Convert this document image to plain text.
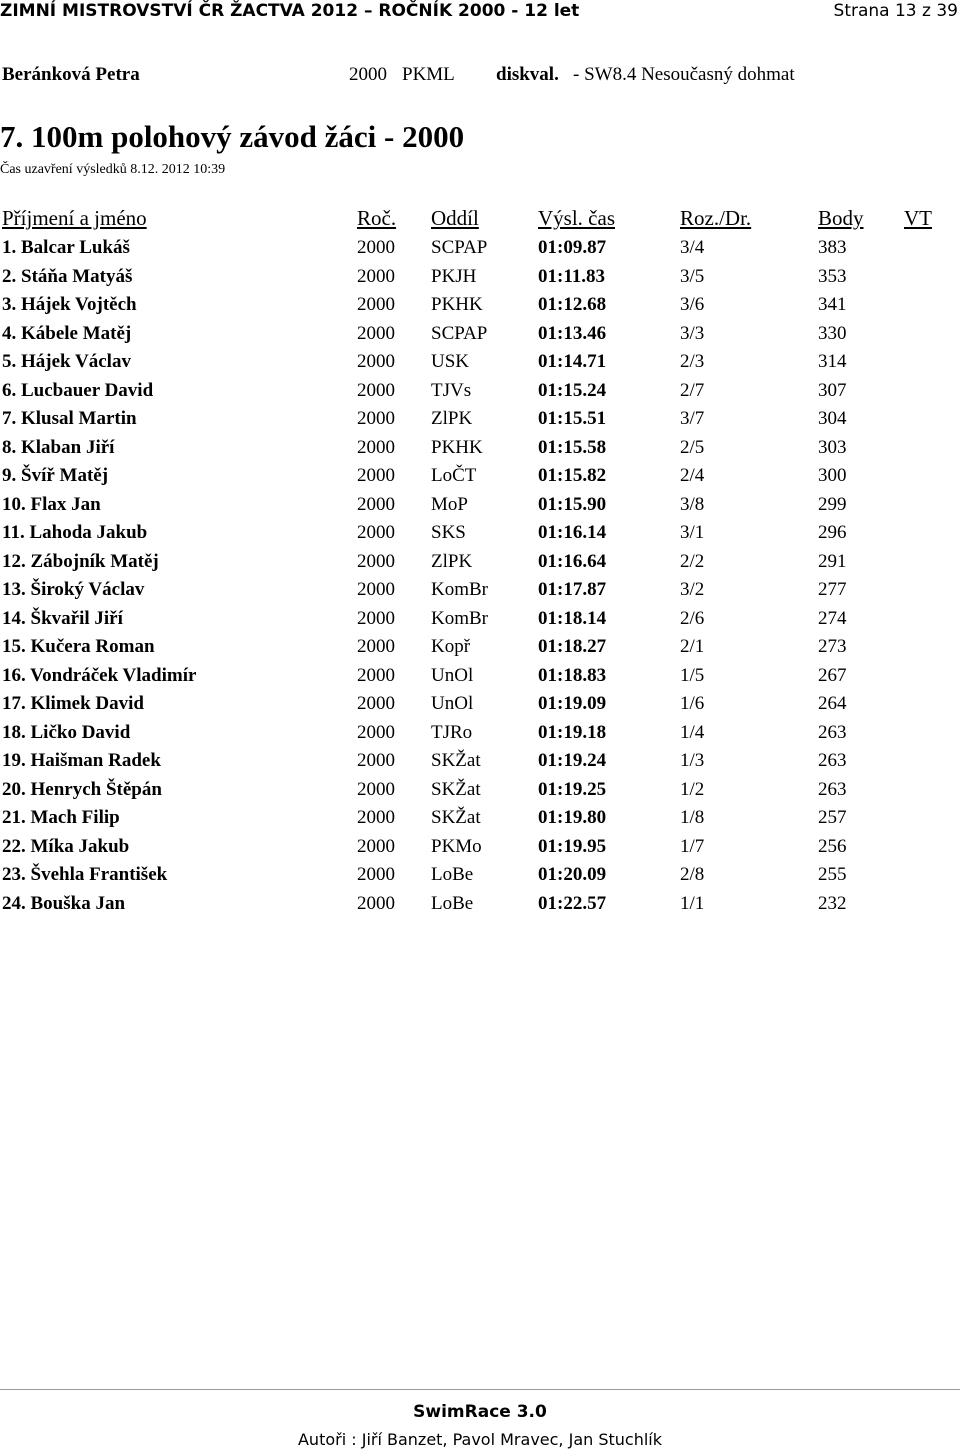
ZIMNÍ MISTROVSTVÍ ČR ŽACTVA 2012 – ROČNÍK 2000 - 12 let	Strana 13 z 39
Beránková Petra	2000 PKML diskval. - SW8.4 Nesoučasný dohmat
7. 100m polohový závod žáci - 2000
Čas uzavření výsledků 8.12. 2012 10:39
Příjmení a jméno	Roč. Oddíl	Výsl. čas	Roz./Dr.	Body VT
1. Balcar Lukáš	2000 SCPAP	01:09.87	3/4	383
2. Stáňa Matyáš	2000 PKJH	01:11.83	3/5	353
3. Hájek Vojtěch	2000 PKHK	01:12.68	3/6	341
4. Kábele Matěj	2000 SCPAP	01:13.46	3/3	330
5. Hájek Václav	2000 USK	01:14.71	2/3	314
6. Lucbauer David	2000 TJVs	01:15.24	2/7	307
7. Klusal Martin	2000 ZlPK	01:15.51	3/7	304
8. Klaban Jiří	2000 PKHK	01:15.58	2/5	303
9. Švíř Matěj	2000 LoČT	01:15.82	2/4	300
10. Flax Jan	2000 MoP	01:15.90	3/8	299
11. Lahoda Jakub	2000 SKS	01:16.14	3/1	296
12. Zábojník Matěj	2000 ZlPK	01:16.64	2/2	291
13. Široký Václav	2000 KomBr	01:17.87	3/2	277
14. Škvařil Jiří	2000 KomBr	01:18.14	2/6	274
15. Kučera Roman	2000 Kopř	01:18.27	2/1	273
16. Vondráček Vladimír	2000 UnOl	01:18.83	1/5	267
17. Klimek David	2000 UnOl	01:19.09	1/6	264
18. Ličko David	2000 TJRo	01:19.18	1/4	263
19. Haišman Radek	2000 SKŽat	01:19.24	1/3	263
20. Henrych Štěpán	2000 SKŽat	01:19.25	1/2	263
21. Mach Filip	2000 SKŽat	01:19.80	1/8	257
22. Míka Jakub	2000 PKMo	01:19.95	1/7	256
23. Švehla František	2000 LoBe	01:20.09	2/8	255
24. Bouška Jan	2000 LoBe	01:22.57	1/1	232
SwimRace 3.0
Autoři : Jiří Banzet, Pavol Mravec, Jan Stuchlík
